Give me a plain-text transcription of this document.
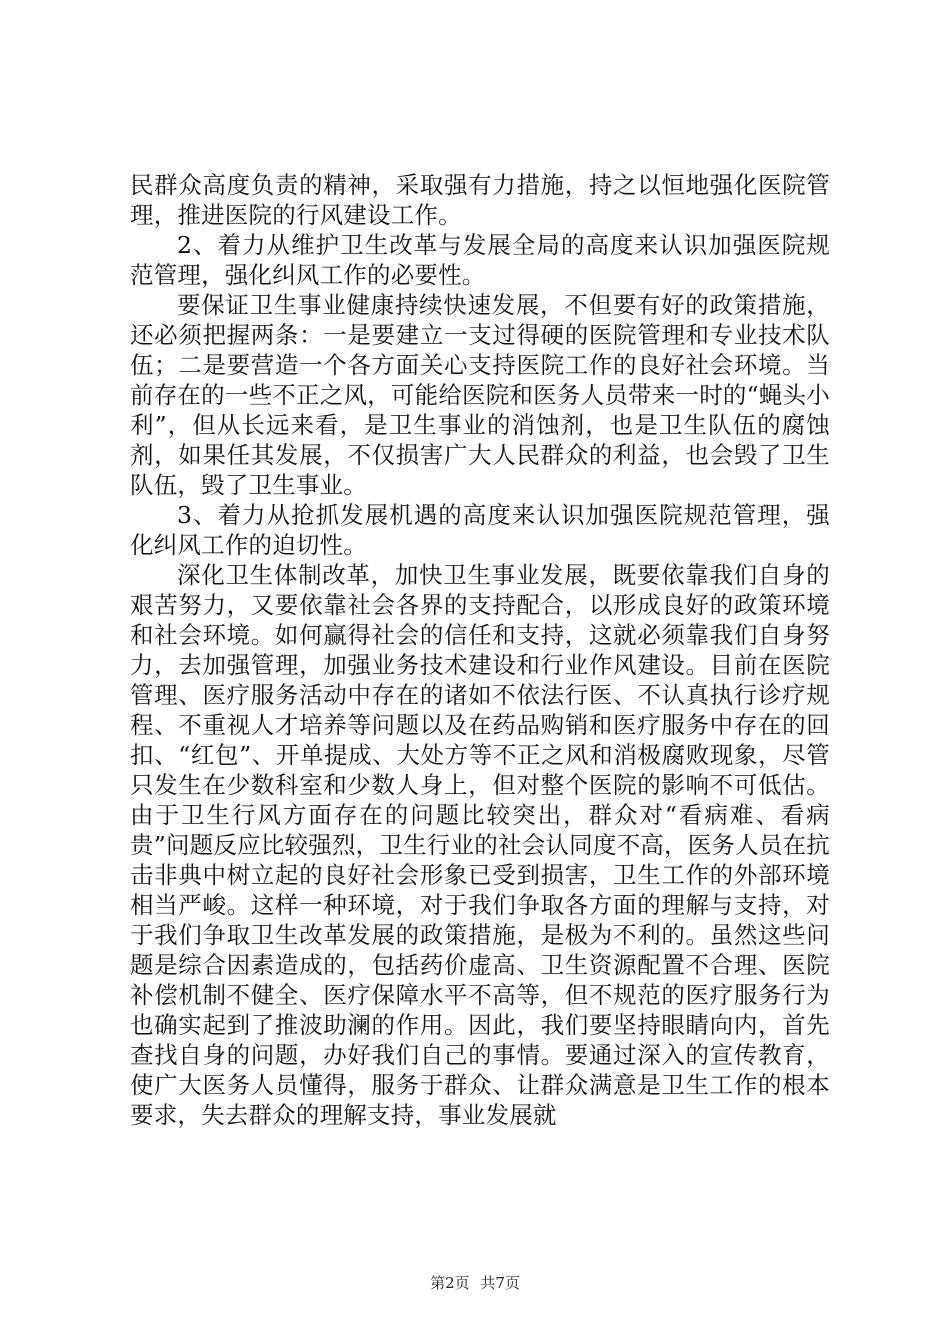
民群众高度负责的精神，采取强有力措施，持之以恒地强化医院管理，推进医院的行风建设工作。

2、着力从维护卫生改革与发展全局的高度来认识加强医院规范管理，强化纠风工作的必要性。

要保证卫生事业健康持续快速发展，不但要有好的政策措施，还必须把握两条：一是要建立一支过得硬的医院管理和专业技术队伍；二是要营造一个各方面关心支持医院工作的良好社会环境。当前存在的一些不正之风，可能给医院和医务人员带来一时的“蝇头小利”，但从长远来看，是卫生事业的消蚀剂，也是卫生队伍的腐蚀剂，如果任其发展，不仅损害广大人民群众的利益，也会毁了卫生队伍，毁了卫生事业。

3、着力从抢抓发展机遇的高度来认识加强医院规范管理，强化纠风工作的迫切性。

深化卫生体制改革，加快卫生事业发展，既要依靠我们自身的艰苦努力，又要依靠社会各界的支持配合，以形成良好的政策环境和社会环境。如何赢得社会的信任和支持，这就必须靠我们自身努力，去加强管理，加强业务技术建设和行业作风建设。目前在医院管理、医疗服务活动中存在的诸如不依法行医、不认真执行诊疗规程、不重视人才培养等问题以及在药品购销和医疗服务中存在的回扣、“红包”、开单提成、大处方等不正之风和消极腐败现象，尽管只发生在少数科室和少数人身上，但对整个医院的影响不可低估。由于卫生行风方面存在的问题比较突出，群众对“看病难、看病贵”问题反应比较强烈，卫生行业的社会认同度不高，医务人员在抗击非典中树立起的良好社会形象已受到损害，卫生工作的外部环境相当严峻。这样一种环境，对于我们争取各方面的理解与支持，对于我们争取卫生改革发展的政策措施，是极为不利的。虽然这些问题是综合因素造成的，包括药价虚高、卫生资源配置不合理、医院补偿机制不健全、医疗保障水平不高等，但不规范的医疗服务行为也确实起到了推波助澜的作用。因此，我们要坚持眼睛向内，首先查找自身的问题，办好我们自己的事情。要通过深入的宣传教育，使广大医务人员懂得，服务于群众、让群众满意是卫生工作的根本要求，失去群众的理解支持，事业发展就

第2页 共7页
